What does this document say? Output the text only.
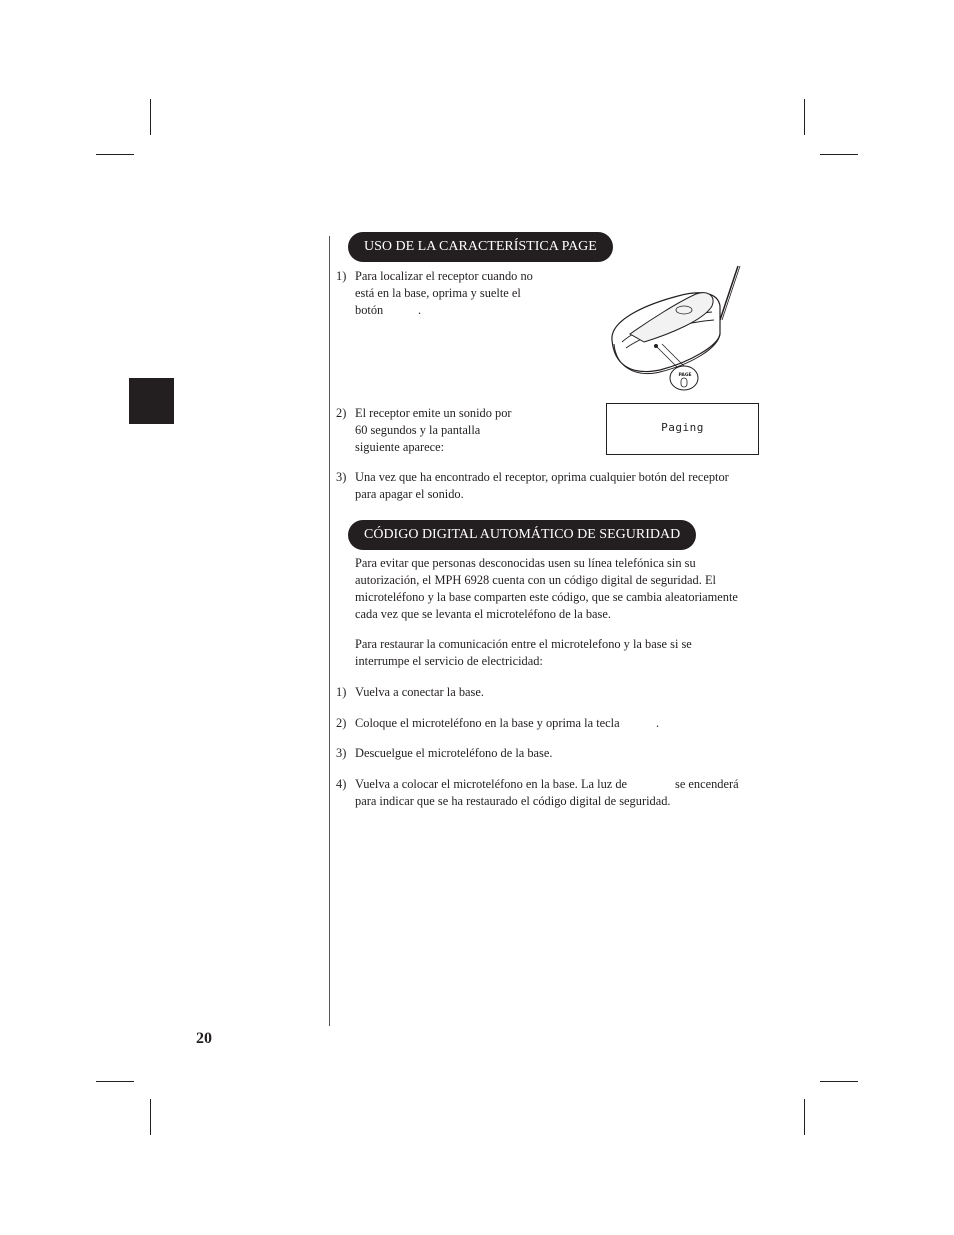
USO DE LA CARACTERÍSTICA PAGE
1) Para localizar el receptor cuando no
está en la base, oprima y suelte el
botón	.
PAGE
2) El receptor emite un sonido por
60 segundos y la pantalla
siguiente aparece:
Paging
3) Una vez que ha encontrado el receptor, oprima cualquier botón del receptor
para apagar el sonido.
CÓDIGO DIGITAL AUTOMÁTICO DE SEGURIDAD
Para evitar que personas desconocidas usen su línea telefónica sin su
autorización, el MPH 6928 cuenta con un código digital de seguridad. El
microteléfono y la base comparten este código, que se cambia aleatoriamente
cada vez que se levanta el microteléfono de la base.
Para restaurar la comunicación entre el microtelefono y la base si se
interrumpe el servicio de electricidad:
1) Vuelva a conectar la base.
2) Coloque el microteléfono en la base y oprima la tecla	.
3) Descuelgue el microteléfono de la base.
4) Vuelva a colocar el microteléfono en la base. La luz de	se encenderá
para indicar que se ha restaurado el código digital de seguridad.
20
